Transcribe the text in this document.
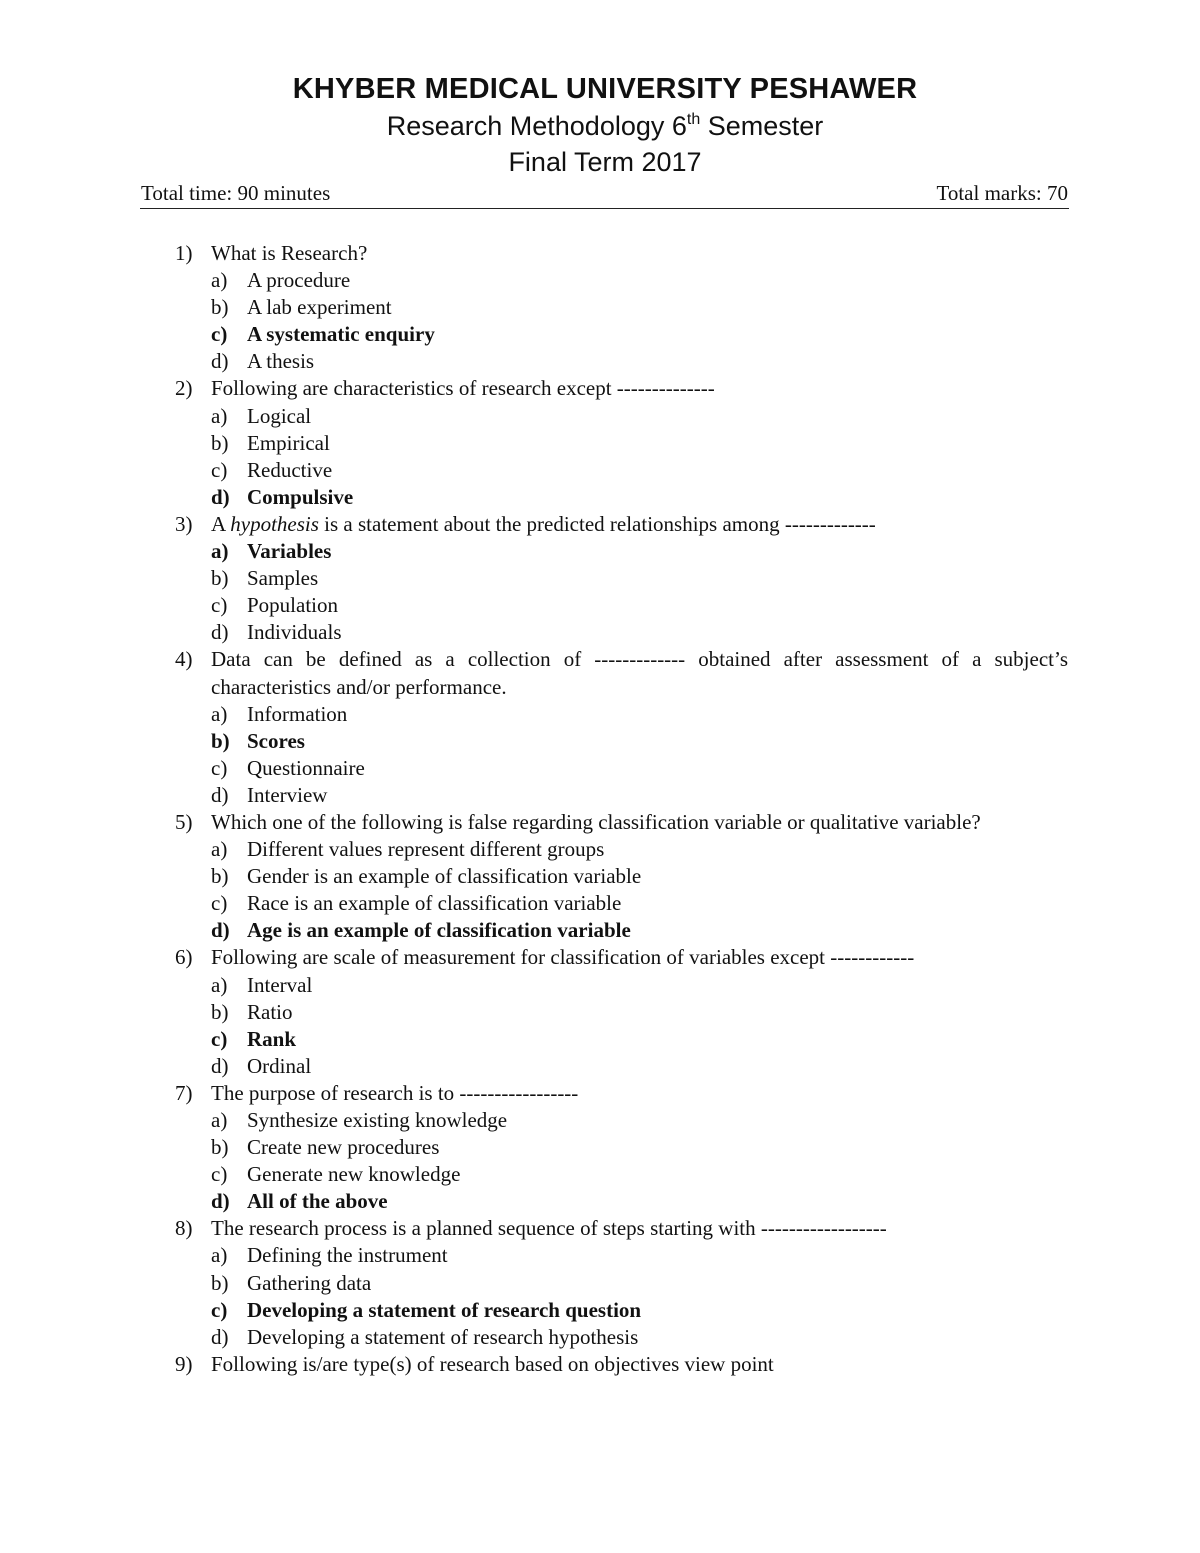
KHYBER MEDICAL UNIVERSITY PESHAWER
Research Methodology 6th Semester
Final Term 2017
Total time: 90 minutes	Total marks: 70
1) What is Research?
a) A procedure
b) A lab experiment
c) A systematic enquiry
d) A thesis
2) Following are characteristics of research except --------------
a) Logical
b) Empirical
c) Reductive
d) Compulsive
3) A hypothesis is a statement about the predicted relationships among -------------
a) Variables
b) Samples
c) Population
d) Individuals
4) Data can be defined as a collection of ------------- obtained after assessment of a subject’s characteristics and/or performance.
a) Information
b) Scores
c) Questionnaire
d) Interview
5) Which one of the following is false regarding classification variable or qualitative variable?
a) Different values represent different groups
b) Gender is an example of classification variable
c) Race is an example of classification variable
d) Age is an example of classification variable
6) Following are scale of measurement for classification of variables except ------------
a) Interval
b) Ratio
c) Rank
d) Ordinal
7) The purpose of research is to -----------------
a) Synthesize existing knowledge
b) Create new procedures
c) Generate new knowledge
d) All of the above
8) The research process is a planned sequence of steps starting with ------------------
a) Defining the instrument
b) Gathering data
c) Developing a statement of research question
d) Developing a statement of research hypothesis
9) Following is/are type(s) of research based on objectives view point
